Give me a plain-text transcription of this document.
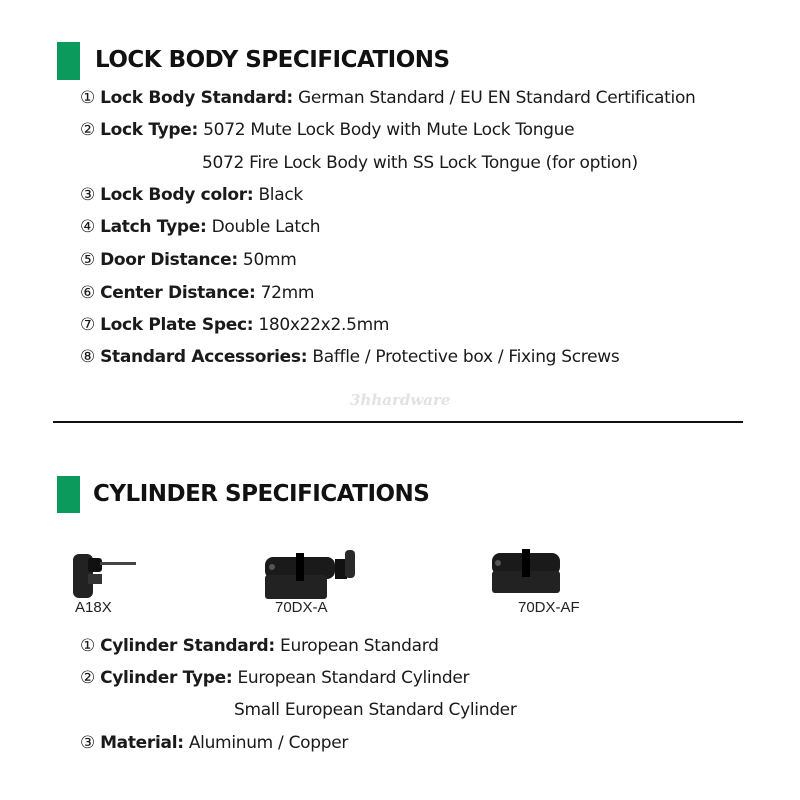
LOCK BODY SPECIFICATIONS
① Lock Body Standard: German Standard / EU EN Standard Certification
② Lock Type: 5072 Mute Lock Body with Mute Lock Tongue
5072 Fire Lock Body with SS Lock Tongue (for option)
③ Lock Body color: Black
④ Latch Type: Double Latch
⑤ Door Distance: 50mm
⑥ Center Distance: 72mm
⑦ Lock Plate Spec: 180x22x2.5mm
⑧ Standard Accessories: Baffle / Protective box / Fixing Screws
3hhardware
CYLINDER SPECIFICATIONS
A18X	70DX-A	70DX-AF
① Cylinder Standard: European Standard
② Cylinder Type: European Standard Cylinder
Small European Standard Cylinder
③ Material: Aluminum / Copper
